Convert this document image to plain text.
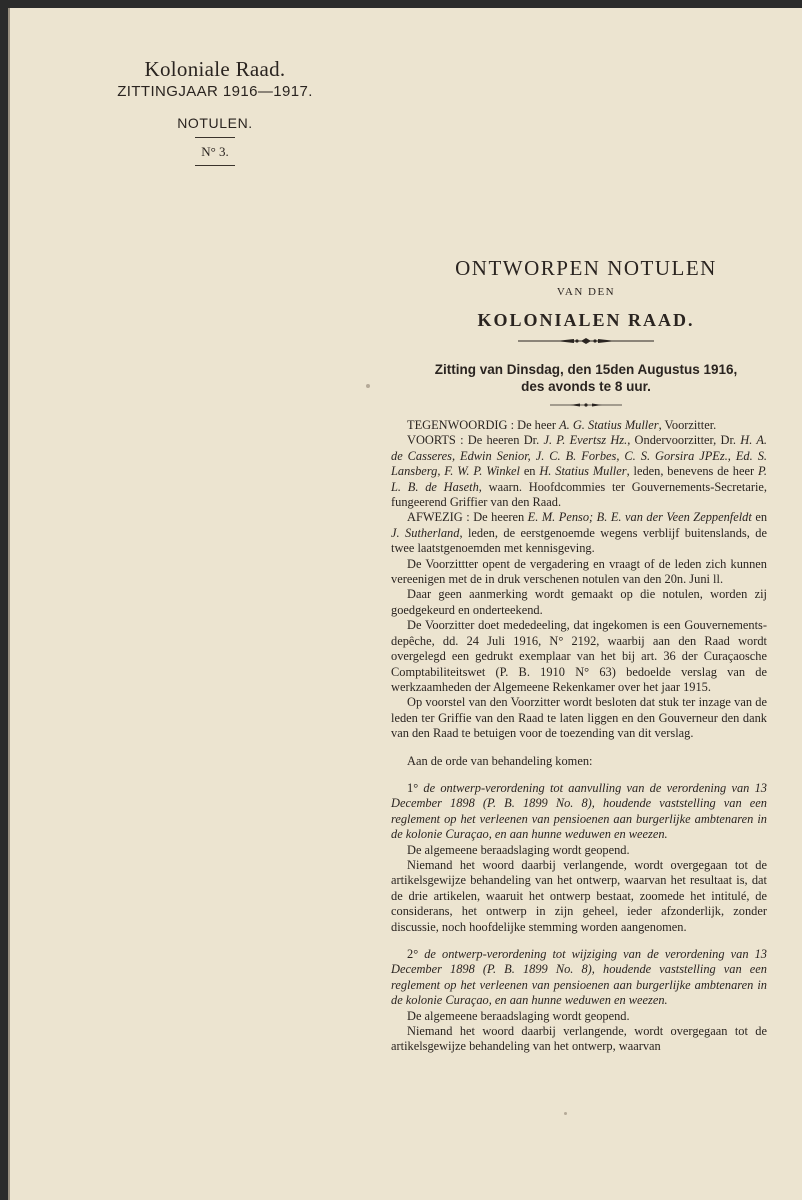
Koloniale Raad.
ZITTINGJAAR 1916—1917.
NOTULEN.
N° 3.
ONTWORPEN NOTULEN
VAN DEN
KOLONIALEN RAAD.
Zitting van Dinsdag, den 15den Augustus 1916,
des avonds te 8 uur.

TEGENWOORDIG : De heer A. G. Statius Muller, Voorzitter.

VOORTS : De heeren Dr. J. P. Evertsz Hz., Ondervoorzitter, Dr. H. A. de Casseres, Edwin Senior, J. C. B. Forbes, C. S. Gorsira JPEz., Ed. S. Lansberg, F. W. P. Winkel en H. Statius Muller, leden, benevens de heer P. L. B. de Haseth, waarn. Hoofdcommies ter Gouvernements-Secretarie, fungeerend Griffier van den Raad.

AFWEZIG : De heeren E. M. Penso; B. E. van der Veen Zeppenfeldt en J. Sutherland, leden, de eerstgenoemde wegens verblijf buitenslands, de twee laatstgenoemden met kennisgeving.

De Voorzittter opent de vergadering en vraagt of de leden zich kunnen vereenigen met de in druk verschenen notulen van den 20n. Juni ll.

Daar geen aanmerking wordt gemaakt op die notulen, worden zij goedgekeurd en onderteekend.

De Voorzitter doet mededeeling, dat ingekomen is een Gouvernements-depêche, dd. 24 Juli 1916, N° 2192, waarbij aan den Raad wordt overgelegd een gedrukt exemplaar van het bij art. 36 der Curaçaosche Comptabiliteitswet (P. B. 1910 N° 63) bedoelde verslag van de werkzaamheden der Algemeene Rekenkamer over het jaar 1915.

Op voorstel van den Voorzitter wordt besloten dat stuk ter inzage van de leden ter Griffie van den Raad te laten liggen en den Gouverneur den dank van den Raad te betuigen voor de toezending van dit verslag.

Aan de orde van behandeling komen:

1° de ontwerp-verordening tot aanvulling van de verordening van 13 December 1898 (P. B. 1899 No. 8), houdende vaststelling van een reglement op het verleenen van pensioenen aan burgerlijke ambtenaren in de kolonie Curaçao, en aan hunne weduwen en weezen.

De algemeene beraadslaging wordt geopend.

Niemand het woord daarbij verlangende, wordt overgegaan tot de artikelsgewijze behandeling van het ontwerp, waarvan het resultaat is, dat de drie artikelen, waaruit het ontwerp bestaat, zoomede het intitulé, de considerans, het ontwerp in zijn geheel, ieder afzonderlijk, zonder discussie, noch hoofdelijke stemming worden aangenomen.

2° de ontwerp-verordening tot wijziging van de verordening van 13 December 1898 (P. B. 1899 No. 8), houdende vaststelling van een reglement op het verleenen van pensioenen aan burgerlijke ambtenaren in de kolonie Curaçao, en aan hunne weduwen en weezen.

De algemeene beraadslaging wordt geopend.

Niemand het woord daarbij verlangende, wordt overgegaan tot de artikelsgewijze behandeling van het ontwerp, waarvan
